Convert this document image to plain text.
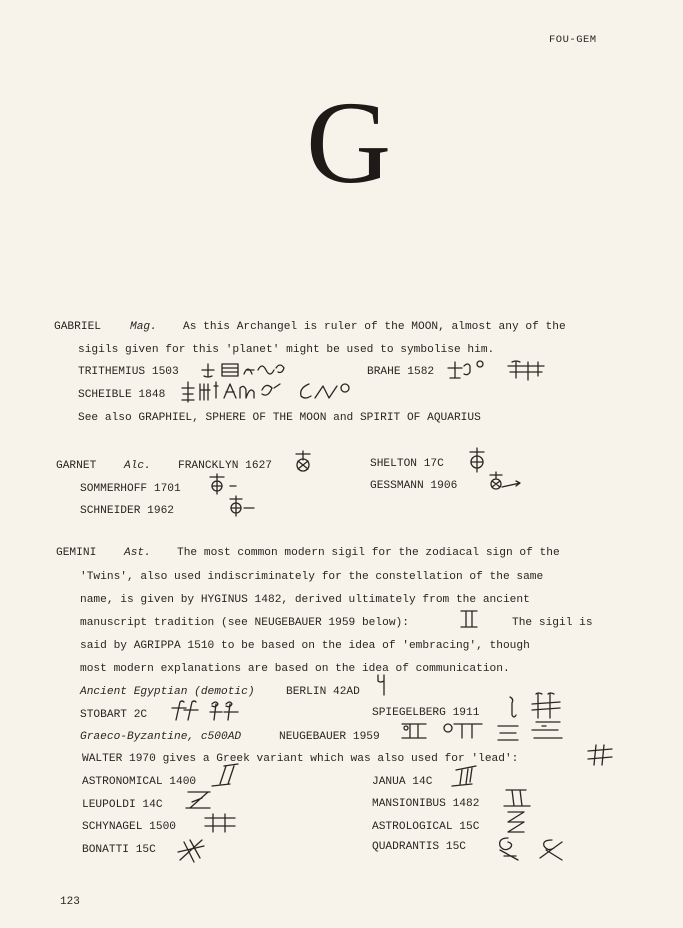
FOU-GEM
G
GABRIEL	Mag. As this Archangel is ruler of the MOON, almost any of the
sigils given for this 'planet' might be used to symbolise him.
TRITHEMIUS 1503	BRAHE 1582
SCHEIBLE 1848
See also GRAPHIEL, SPHERE OF THE MOON and SPIRIT OF AQUARIUS
GARNET Alc. FRANCKLYN 1627	SHELTON 17C
SOMMERHOFF 1701	GESSMANN 1906
SCHNEIDER 1962
GEMINI Ast. The most common modern sigil for the zodiacal sign of the
'Twins', also used indiscriminately for the constellation of the same
name, is given by HYGINUS 1482, derived ultimately from the ancient
manuscript tradition (see NEUGEBAUER 1959 below):	The sigil is
said by AGRIPPA 1510 to be based on the idea of 'embracing', though
most modern explanations are based on the idea of communication.
Ancient Egyptian (demotic)	BERLIN 42AD
STOBART 2C	SPIEGELBERG 1911
Graeco-Byzantine, c500AD	NEUGEBAUER 1959
WALTER 1970 gives a Greek variant which was also used for 'lead':
ASTRONOMICAL 1400	JANUA 14C
LEUPOLDI 14C	MANSIONIBUS 1482
SCHYNAGEL 1500	ASTROLOGICAL 15C
BONATTI 15C	QUADRANTIS 15C
123
